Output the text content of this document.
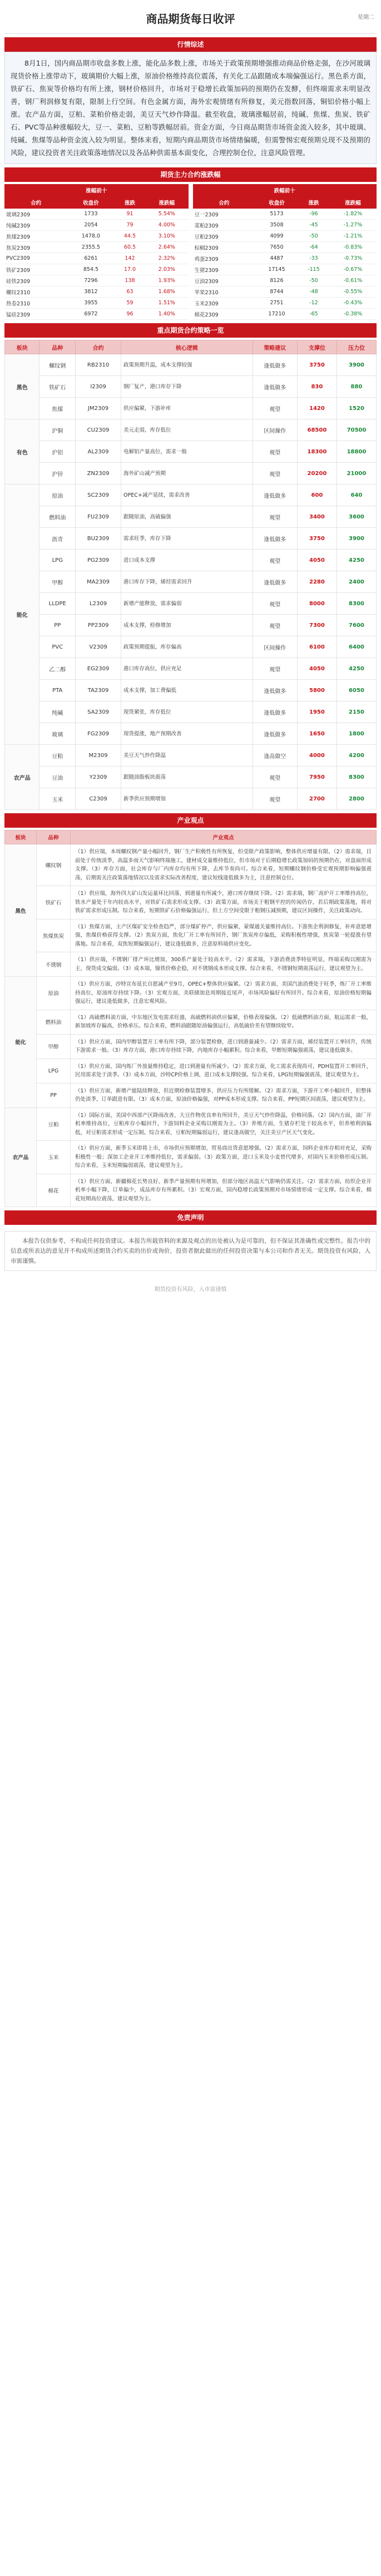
商品期货每日收评	星期二
行情综述

8月1日，国内商品期市收盘多数上涨，能化品多数上涨，市场关于政策预期增强推动商品价格走强，在沙河玻璃现货价格上涨带动下，玻璃期价大幅上涨，原油价格维持高位震荡，有关化工品跟随成本端偏强运行。黑色系方面，铁矿石、焦炭等价格均有所上涨，钢材价格回升，市场对于稳增长政策加码的预期仍在发酵，但终端需求未明显改善，钢厂利润修复有限，限制上行空间。有色金属方面，海外宏观情绪有所修复，美元指数回落，铜铝价格小幅上涨。农产品方面，豆粕、菜粕价格走弱，美豆天气炒作降温。截至收盘，玻璃涨幅居前，纯碱、焦煤、焦炭、铁矿石、PVC等品种涨幅较大，豆一、菜粕、豆粕等跌幅居前。资金方面，今日商品期货市场资金流入较多，其中玻璃、纯碱、焦煤等品种资金流入较为明显。整体来看，短期内商品期货市场情绪偏暖，但需警惕宏观预期兑现不及预期的风险，建议投资者关注政策落地情况以及各品种供需基本面变化，合理控制仓位，注意风险管理。

期货主力合约涨跌幅
涨幅前十			
合约	收盘价	涨跌	涨跌幅
玻璃2309	1733	91	5.54%
纯碱2309	2054	79	4.00%
焦煤2309	1478.0	44.5	3.10%
焦炭2309	2355.5	60.5	2.64%
PVC2309	6261	142	2.32%
铁矿2309	854.5	17.0	2.03%
硅铁2309	7296	138	1.93%
螺纹2310	3812	63	1.68%
热卷2310	3955	59	1.51%
锰硅2309	6972	96	1.40%
跌幅前十			
合约	收盘价	涨跌	涨跌幅
豆一2309	5173	-96	-1.82%
菜粕2309	3508	-45	-1.27%
豆粕2309	4099	-50	-1.21%
棕榈2309	7650	-64	-0.83%
鸡蛋2309	4487	-33	-0.73%
生猪2309	17145	-115	-0.67%
豆油2309	8126	-50	-0.61%
苹果2310	8744	-48	-0.55%
玉米2309	2751	-12	-0.43%
棉花2309	17210	-65	-0.38%
重点期货合约策略一览
板块	品种	合约	核心逻辑	策略建议	支撑位	压力位
黑色	螺纹钢	RB2310	政策预期升温，成本支撑较强	逢低做多	3750	3900
	铁矿石	I2309	钢厂复产，港口库存下降	逢低做多	830	880
	焦煤	JM2309	供应偏紧，下游补库	观望	1420	1520
有色	沪铜	CU2309	美元走弱，库存低位	区间操作	68500	70500
	沪铝	AL2309	电解铝产量高位，需求一般	观望	18300	18800
	沪锌	ZN2309	海外矿山减产预期	观望	20200	21000
能化	原油	SC2309	OPEC+减产延续，需求改善	逢低做多	600	640
	燃料油	FU2309	跟随原油，高硫偏强	观望	3400	3600
	沥青	BU2309	需求旺季，库存下降	逢低做多	3750	3900
	LPG	PG2309	进口成本支撑	观望	4050	4250
	甲醇	MA2309	港口库存下降，烯烃需求回升	逢低做多	2280	2400
	LLDPE	L2309	新增产能释放，需求偏弱	观望	8000	8300
	PP	PP2309	成本支撑，检修增加	观望	7300	7600
	PVC	V2309	政策预期提振，库存偏高	区间操作	6100	6400
	乙二醇	EG2309	港口库存高位，供应充足	观望	4050	4250
	PTA	TA2309	成本支撑，加工费偏低	逢低做多	5800	6050
	纯碱	SA2309	现货紧张，库存低位	逢低做多	1950	2150
	玻璃	FG2309	现货提涨，地产预期改善	逢低做多	1650	1800
农产品	豆粕	M2309	美豆天气炒作降温	逢高做空	4000	4200
	豆油	Y2309	跟随油脂板块震荡	观望	7950	8300
	玉米	C2309	新季供应预期增加	观望	2700	2800
产业观点
板块	品种	产业观点
黑色	螺纹钢	（1）供应端，本周螺纹钢产量小幅回升，钢厂生产积极性有所恢复，但受限产政策影响，整体供应增量有限。（2）需求端，目前处于传统淡季，高温多雨天气影响终端施工，建材成交量维持低位，但市场对于后期稳增长政策加码的预期仍在，对盘面形成支撑。（3）库存方面，社会库存与厂内库存均有所下降，去库节奏尚可。综合来看，短期螺纹钢价格受宏观预期影响偏强震荡，后期需关注政策落地情况以及需求实际改善程度，建议短线逢低做多为主，注意控制仓位。
	铁矿石	（1）供应端，海外四大矿山发运量环比回落，到港量有所减少，港口库存继续下降。（2）需求端，钢厂高炉开工率维持高位，铁水产量处于年内较高水平，对铁矿石需求形成支撑。（3）政策方面，市场关于粗钢平控的传闻仍存，若后期政策落地，将对铁矿需求形成压制。综合来看，短期铁矿石价格偏强运行，但上方空间受限于粗钢压减预期，建议区间操作，关注政策动向。
	焦煤焦炭	（1）焦煤方面，主产区煤矿安全检查趋严，部分煤矿停产，供应偏紧，蒙煤通关量维持高位。下游焦企利润修复，补库意愿增强，焦煤价格获得支撑。（2）焦炭方面，焦化厂开工率有所回升，钢厂焦炭库存偏低，采购积极性增强，焦炭第一轮提涨有望落地。综合来看，双焦短期偏强运行，建议逢低做多，注意原料端供应变化。
	不锈钢	（1）供应端，不锈钢厂排产环比增加，300系产量处于较高水平。（2）需求端，下游消费淡季特征明显，终端采购以刚需为主，现货成交偏弱。（3）成本端，镍铁价格企稳，对不锈钢成本形成支撑。综合来看，不锈钢短期震荡运行，建议观望为主。
能化	原油	（1）供应方面，沙特宣布延长自愿减产至9月，OPEC+整体供应偏紧。（2）需求方面，美国汽油消费处于旺季，炼厂开工率维持高位，原油库存持续下降。（3）宏观方面，美联储加息周期接近尾声，市场风险偏好有所回升。综合来看，原油价格短期偏强运行，建议逢低做多，注意宏观风险。
	燃料油	（1）高硫燃料油方面，中东地区发电需求旺盛，高硫燃料油供应偏紧，价格表现偏强。（2）低硫燃料油方面，航运需求一般，新加坡库存偏高，价格承压。综合来看，燃料油跟随原油偏强运行，高低硫价差有望继续收窄。
	甲醇	（1）供应方面，国内甲醇装置开工率有所下降，部分装置检修，进口到港量减少。（2）需求方面，烯烃装置开工率回升，传统下游需求一般。（3）库存方面，港口库存持续下降，内地库存小幅累积。综合来看，甲醇短期偏强震荡，建议逢低做多。
	LPG	（1）供应方面，国内炼厂外放量维持稳定，进口到港量有所减少。（2）需求方面，化工需求表现尚可，PDH装置开工率回升，民用需求处于淡季。（3）成本方面，沙特CP价格上调，进口成本支撑较强。综合来看，LPG短期偏强震荡，建议观望为主。
	PP	（1）供应方面，新增产能陆续释放，但近期检修装置增多，供应压力有所缓解。（2）需求方面，下游开工率小幅回升，但整体仍处淡季，订单跟进有限。（3）成本方面，原油价格偏强，对PP成本形成支撑。综合来看，PP短期区间震荡，建议观望为主。
农产品	豆粕	（1）国际方面，美国中西部产区降雨改善，大豆作物优良率有所回升，美豆天气炒作降温，价格回落。（2）国内方面，油厂开机率维持高位，豆粕库存小幅回升，下游饲料企业采购以刚需为主。（3）养殖方面，生猪存栏处于较高水平，但养殖利润偏低，对豆粕需求形成一定压制。综合来看，豆粕短期偏弱运行，建议逢高做空，关注美豆产区天气变化。
	玉米	（1）供应方面，新季玉米即将上市，市场供应预期增加，贸易商出货意愿增强。（2）需求方面，饲料企业库存相对充足，采购积极性一般；深加工企业开工率维持低位，需求偏弱。（3）政策方面，进口玉米及小麦替代增多，对国内玉米价格形成压制。综合来看，玉米短期偏弱震荡，建议观望为主。
	棉花	（1）供应方面，新疆棉花长势良好，新季产量预期有所增加，但部分地区高温天气影响仍需关注。（2）需求方面，纺织企业开机率小幅下降，订单偏少，成品库存有所累积。（3）宏观方面，国内稳增长政策预期对市场情绪形成一定支撑。综合来看，棉花短期高位震荡，建议观望为主。
免责声明

本报告仅供参考，不构成任何投资建议。本报告所载资料的来源及观点的出处被认为是可靠的，但不保证其准确性或完整性。报告中的信息或所表达的意见并不构成所述期货合约买卖的出价或询价，投资者据此做出的任何投资决策与本公司和作者无关。期货投资有风险，入市需谨慎。

期货投资有风险，入市需谨慎
